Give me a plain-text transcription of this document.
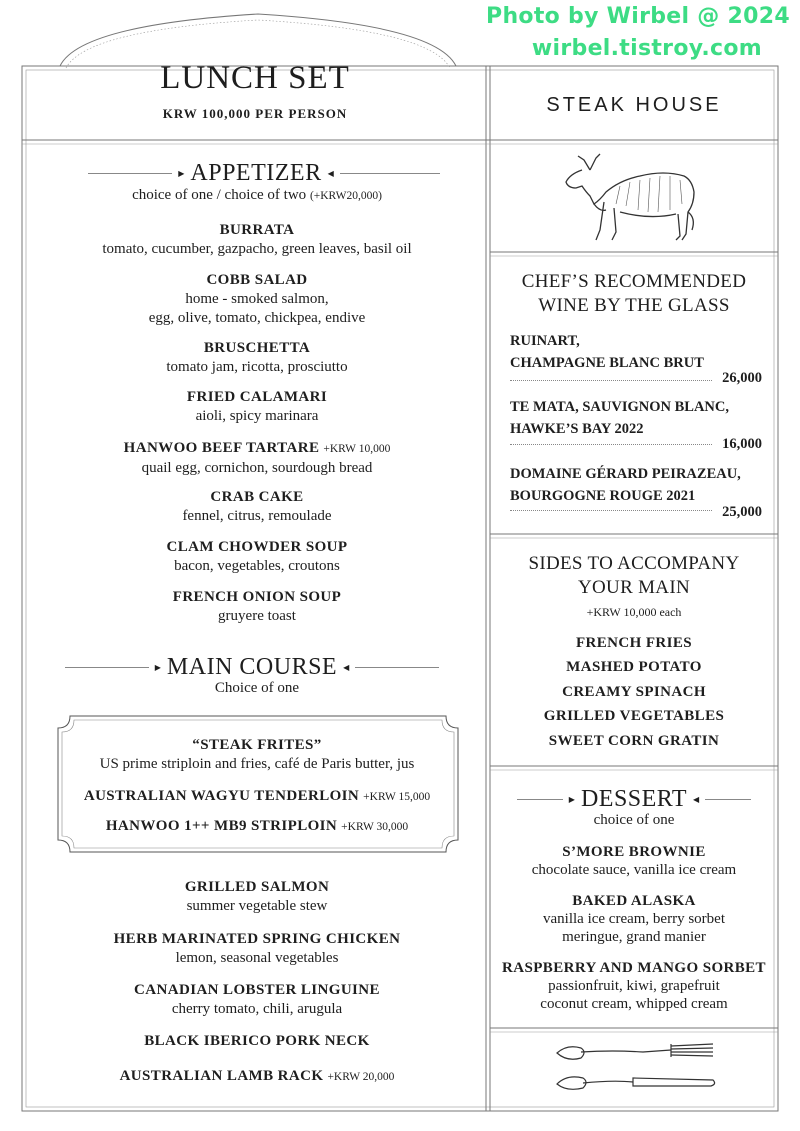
Photo by Wirbel @ 2024
wirbel.tistroy.com
LUNCH SET
KRW 100,000 PER PERSON	STEAK HOUSE
▶ APPETIZER ◀
choice of one / choice of two (+KRW20,000)
BURRATA
tomato, cucumber, gazpacho, green leaves, basil oil
COBB SALAD
home - smoked salmon,
egg, olive, tomato, chickpea, endive
BRUSCHETTA
tomato jam, ricotta, prosciutto
FRIED CALAMARI
aioli, spicy marinara
HANWOO BEEF TARTARE +KRW 10,000
quail egg, cornichon, sourdough bread
CRAB CAKE
fennel, citrus, remoulade
CLAM CHOWDER SOUP
bacon, vegetables, croutons
FRENCH ONION SOUP
gruyere toast
▶ MAIN COURSE ◀
Choice of one
“STEAK FRITES”
US prime striploin and fries, café de Paris butter, jus
AUSTRALIAN WAGYU TENDERLOIN +KRW 15,000
HANWOO 1++ MB9 STRIPLOIN +KRW 30,000
GRILLED SALMON
summer vegetable stew
HERB MARINATED SPRING CHICKEN
lemon, seasonal vegetables
CANADIAN LOBSTER LINGUINE
cherry tomato, chili, arugula
BLACK IBERICO PORK NECK
AUSTRALIAN LAMB RACK +KRW 20,000
CHEF’S RECOMMENDED
WINE BY THE GLASS
RUINART,
CHAMPAGNE BLANC BRUT
26,000
TE MATA, SAUVIGNON BLANC,
HAWKE’S BAY 2022
16,000
DOMAINE GÉRARD PEIRAZEAU,
BOURGOGNE ROUGE 2021
25,000
SIDES TO ACCOMPANY
YOUR MAIN
+KRW 10,000 each
FRENCH FRIES
MASHED POTATO
CREAMY SPINACH
GRILLED VEGETABLES
SWEET CORN GRATIN
▶ DESSERT ◀
choice of one
S’MORE BROWNIE
chocolate sauce, vanilla ice cream
BAKED ALASKA
vanilla ice cream, berry sorbet
meringue, grand manier
RASPBERRY AND MANGO SORBET
passionfruit, kiwi, grapefruit
coconut cream, whipped cream
